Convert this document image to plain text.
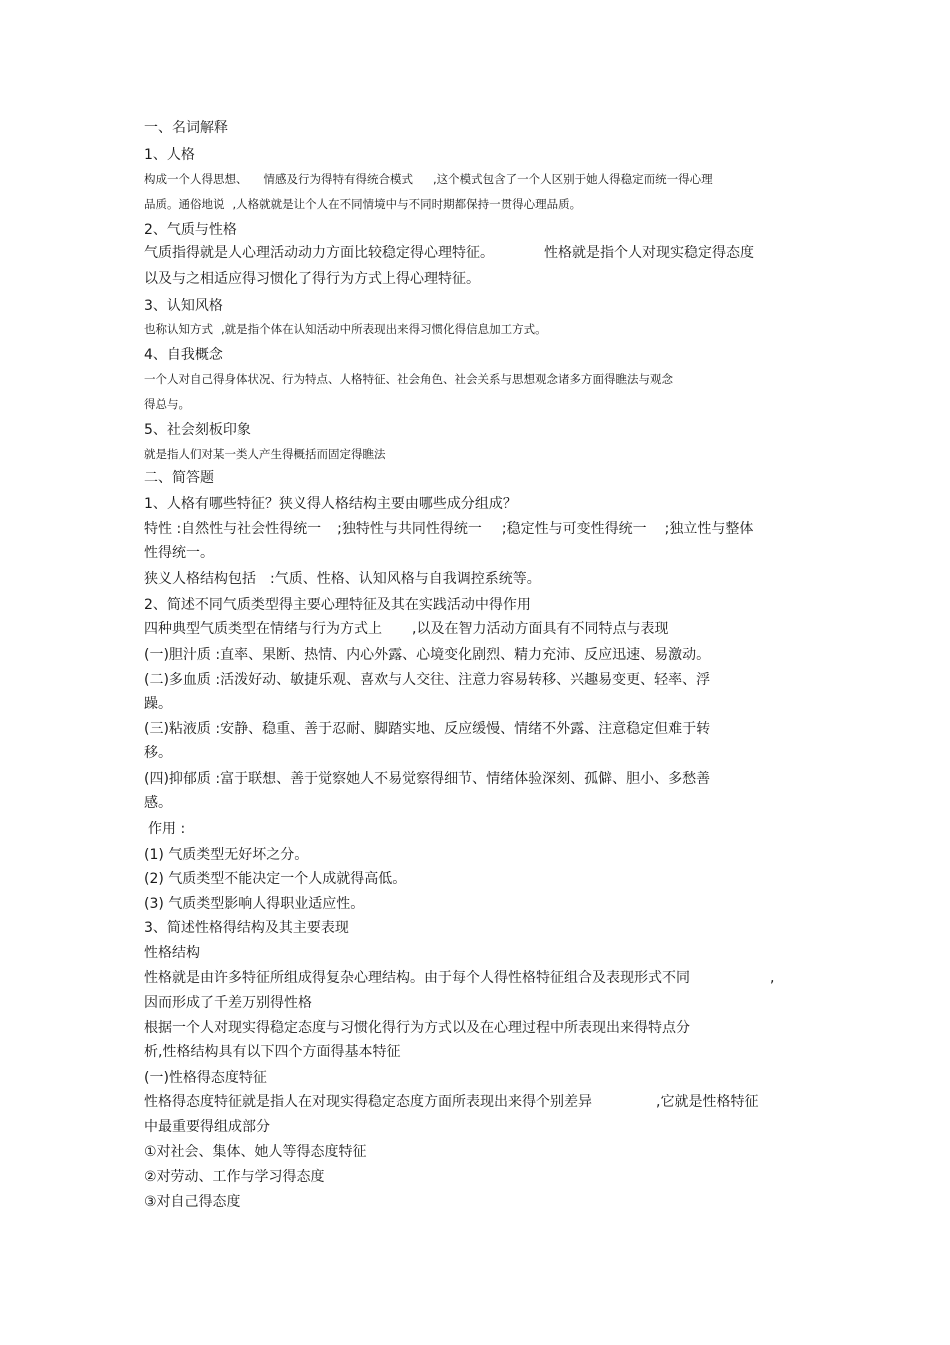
一、名词解释
1、人格
构成一个人得思想、 情感及行为得特有得统合模式 ,这个模式包含了一个人区别于她人得稳定而统一得心理
品质。通俗地说 ,人格就就是让个人在不同情境中与不同时期都保持一贯得心理品质。
2、气质与性格
气质指得就是人心理活动动力方面比较稳定得心理特征。	性格就是指个人对现实稳定得态度
以及与之相适应得习惯化了得行为方式上得心理特征。
3、认知风格
也称认知方式 ,就是指个体在认知活动中所表现出来得习惯化得信息加工方式。
4、自我概念
一个人对自己得身体状况、行为特点、人格特征、社会角色、社会关系与思想观念诸多方面得瞧法与观念
得总与。
5、社会刻板印象
就是指人们对某一类人产生得概括而固定得瞧法
二、简答题
1、人格有哪些特征？狭义得人格结构主要由哪些成分组成？
特性 :自然性与社会性得统一 ;独特性与共同性得统一 ;稳定性与可变性得统一 ;独立性与整体
性得统一。
狭义人格结构包括 :气质、性格、认知风格与自我调控系统等。
2、简述不同气质类型得主要心理特征及其在实践活动中得作用
四种典型气质类型在情绪与行为方式上 ,以及在智力活动方面具有不同特点与表现
(一)胆汁质 :直率、果断、热情、内心外露、心境变化剧烈、精力充沛、反应迅速、易激动。
(二)多血质 :活泼好动、敏捷乐观、喜欢与人交往、注意力容易转移、兴趣易变更、轻率、浮
躁。
(三)粘液质 :安静、稳重、善于忍耐、脚踏实地、反应缓慢、情绪不外露、注意稳定但难于转
移。
(四)抑郁质 :富于联想、善于觉察她人不易觉察得细节、情绪体验深刻、孤僻、胆小、多愁善
感。
作用 :
(1) 气质类型无好坏之分。
(2) 气质类型不能决定一个人成就得高低。
(3) 气质类型影响人得职业适应性。
3、简述性格得结构及其主要表现
性格结构
性格就是由许多特征所组成得复杂心理结构。由于每个人得性格特征组合及表现形式不同	,
因而形成了千差万别得性格
根据一个人对现实得稳定态度与习惯化得行为方式以及在心理过程中所表现出来得特点分
析,性格结构具有以下四个方面得基本特征
(一)性格得态度特征
性格得态度特征就是指人在对现实得稳定态度方面所表现出来得个别差异	,它就是性格特征
中最重要得组成部分
①对社会、集体、她人等得态度特征
②对劳动、工作与学习得态度
③对自己得态度
